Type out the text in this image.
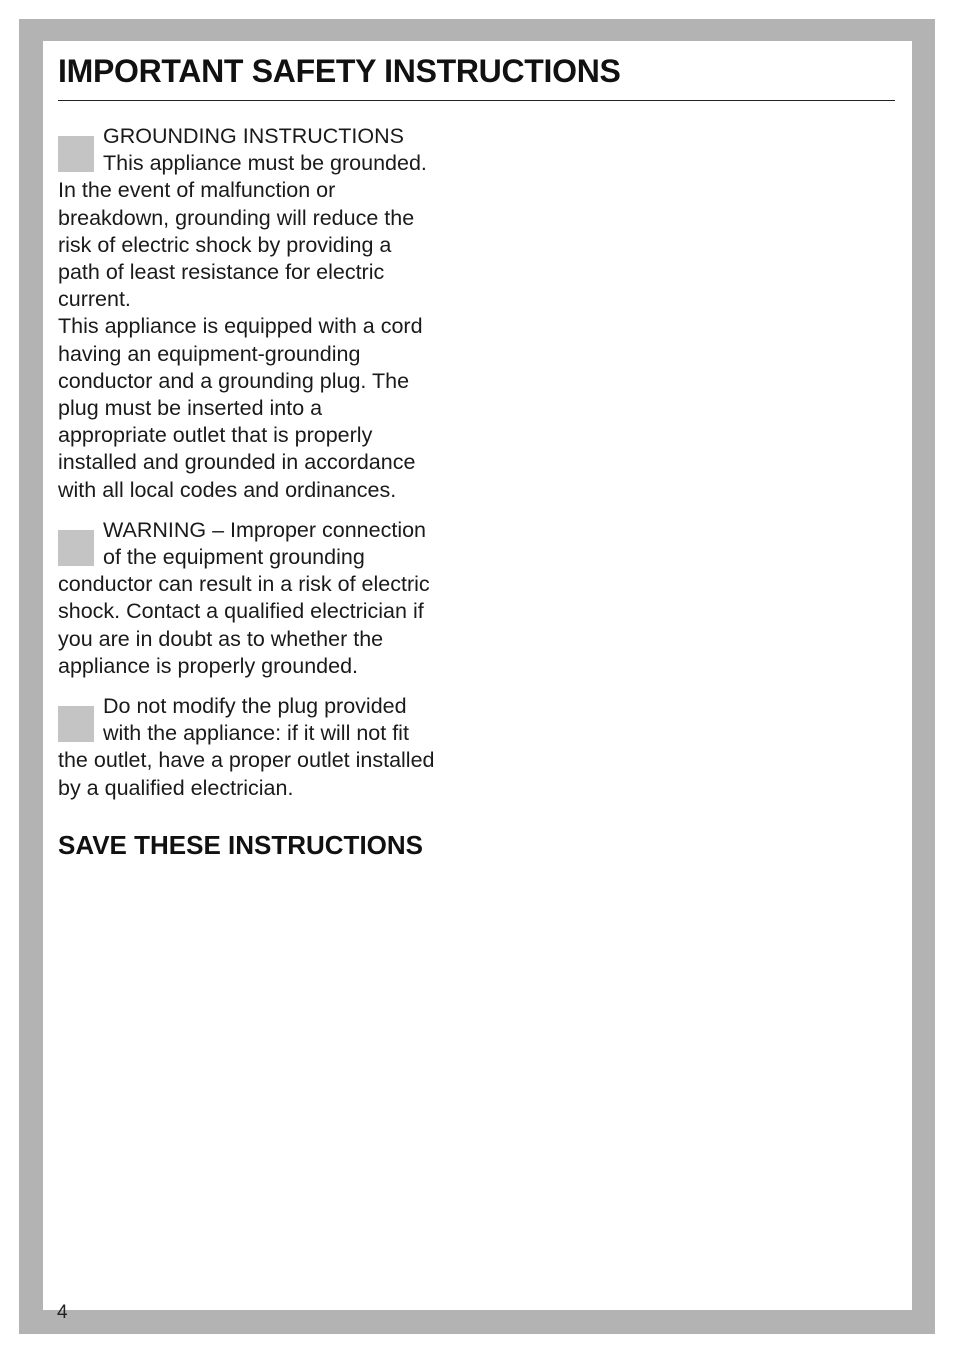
IMPORTANT SAFETY INSTRUCTIONS
GROUNDING INSTRUCTIONS
This appliance must be grounded.
In the event of malfunction or
breakdown, grounding will reduce the
risk of electric shock by providing a
path of least resistance for electric
current.
This appliance is equipped with a cord
having an equipment-grounding
conductor and a grounding plug. The
plug must be inserted into a
appropriate outlet that is properly
installed and grounded in accordance
with all local codes and ordinances.
WARNING – Improper connection
of the equipment grounding
conductor can result in a risk of electric
shock. Contact a qualified electrician if
you are in doubt as to whether the
appliance is properly grounded.
Do not modify the plug provided
with the appliance: if it will not fit
the outlet, have a proper outlet installed
by a qualified electrician.
SAVE THESE INSTRUCTIONS
4
